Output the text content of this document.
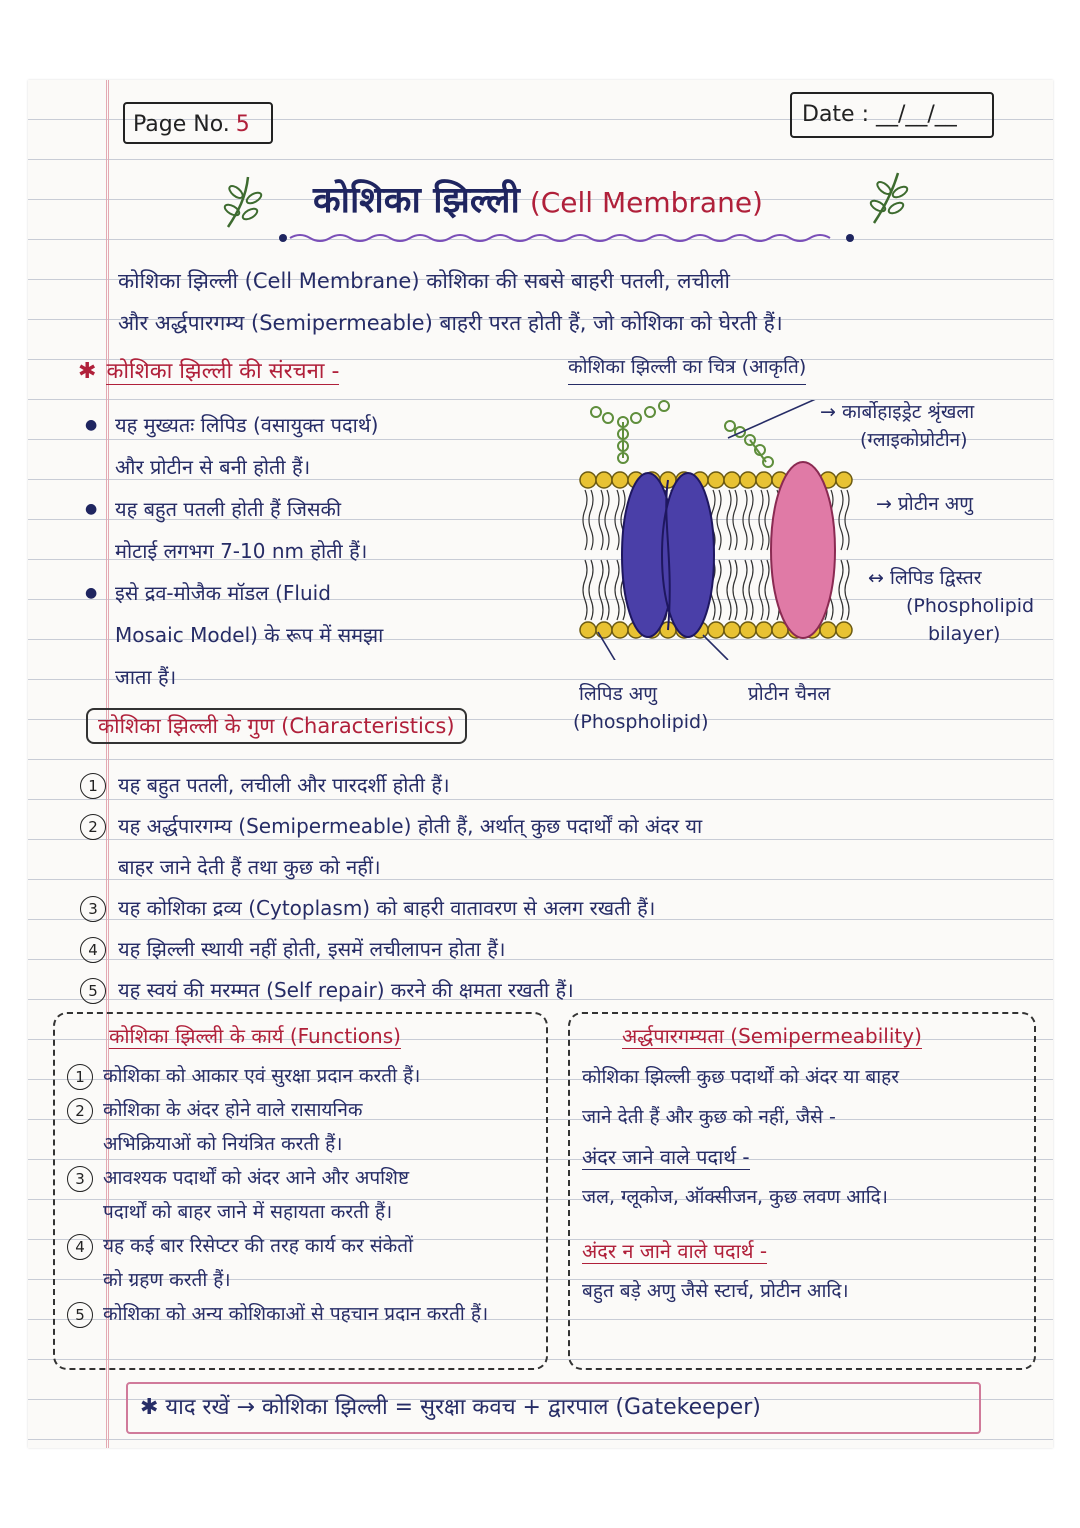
Page No. 5	Date : __/__/__
कोशिका झिल्ली (Cell Membrane)
कोशिका झिल्ली (Cell Membrane) कोशिका की सबसे बाहरी पतली, लचीली
और अर्द्धपारगम्य (Semipermeable) बाहरी परत होती हैं, जो कोशिका को घेरती हैं।
✱ कोशिका झिल्ली की संरचना -
● यह मुख्यतः लिपिड (वसायुक्त पदार्थ)
और प्रोटीन से बनी होती हैं।
● यह बहुत पतली होती हैं जिसकी
मोटाई लगभग 7-10 nm होती हैं।
● इसे द्रव-मोजैक मॉडल (Fluid
Mosaic Model) के रूप में समझा
जाता हैं।
कोशिका झिल्ली का चित्र (आकृति)
→ कार्बोहाइड्रेट श्रृंखला
(ग्लाइकोप्रोटीन)
→ प्रोटीन अणु
↔ लिपिड द्विस्तर
(Phospholipid
bilayer)
लिपिड अणु
(Phospholipid)
प्रोटीन चैनल
कोशिका झिल्ली के गुण (Characteristics)
1	यह बहुत पतली, लचीली और पारदर्शी होती हैं।
2	यह अर्द्धपारगम्य (Semipermeable) होती हैं, अर्थात् कुछ पदार्थों को अंदर या
बाहर जाने देती हैं तथा कुछ को नहीं।
3	यह कोशिका द्रव्य (Cytoplasm) को बाहरी वातावरण से अलग रखती हैं।
4	यह झिल्ली स्थायी नहीं होती, इसमें लचीलापन होता हैं।
5	यह स्वयं की मरम्मत (Self repair) करने की क्षमता रखती हैं।
कोशिका झिल्ली के कार्य (Functions)
1 कोशिका को आकार एवं सुरक्षा प्रदान करती हैं।
2 कोशिका के अंदर होने वाले रासायनिक
अभिक्रियाओं को नियंत्रित करती हैं।
3 आवश्यक पदार्थों को अंदर आने और अपशिष्ट
पदार्थों को बाहर जाने में सहायता करती हैं।
4 यह कई बार रिसेप्टर की तरह कार्य कर संकेतों
को ग्रहण करती हैं।
5 कोशिका को अन्य कोशिकाओं से पहचान प्रदान करती हैं।
अर्द्धपारगम्यता (Semipermeability)
कोशिका झिल्ली कुछ पदार्थों को अंदर या बाहर
जाने देती हैं और कुछ को नहीं, जैसे -
अंदर जाने वाले पदार्थ -
जल, ग्लूकोज, ऑक्सीजन, कुछ लवण आदि।
अंदर न जाने वाले पदार्थ -
बहुत बड़े अणु जैसे स्टार्च, प्रोटीन आदि।
✱ याद रखें → कोशिका झिल्ली = सुरक्षा कवच + द्वारपाल (Gatekeeper)
